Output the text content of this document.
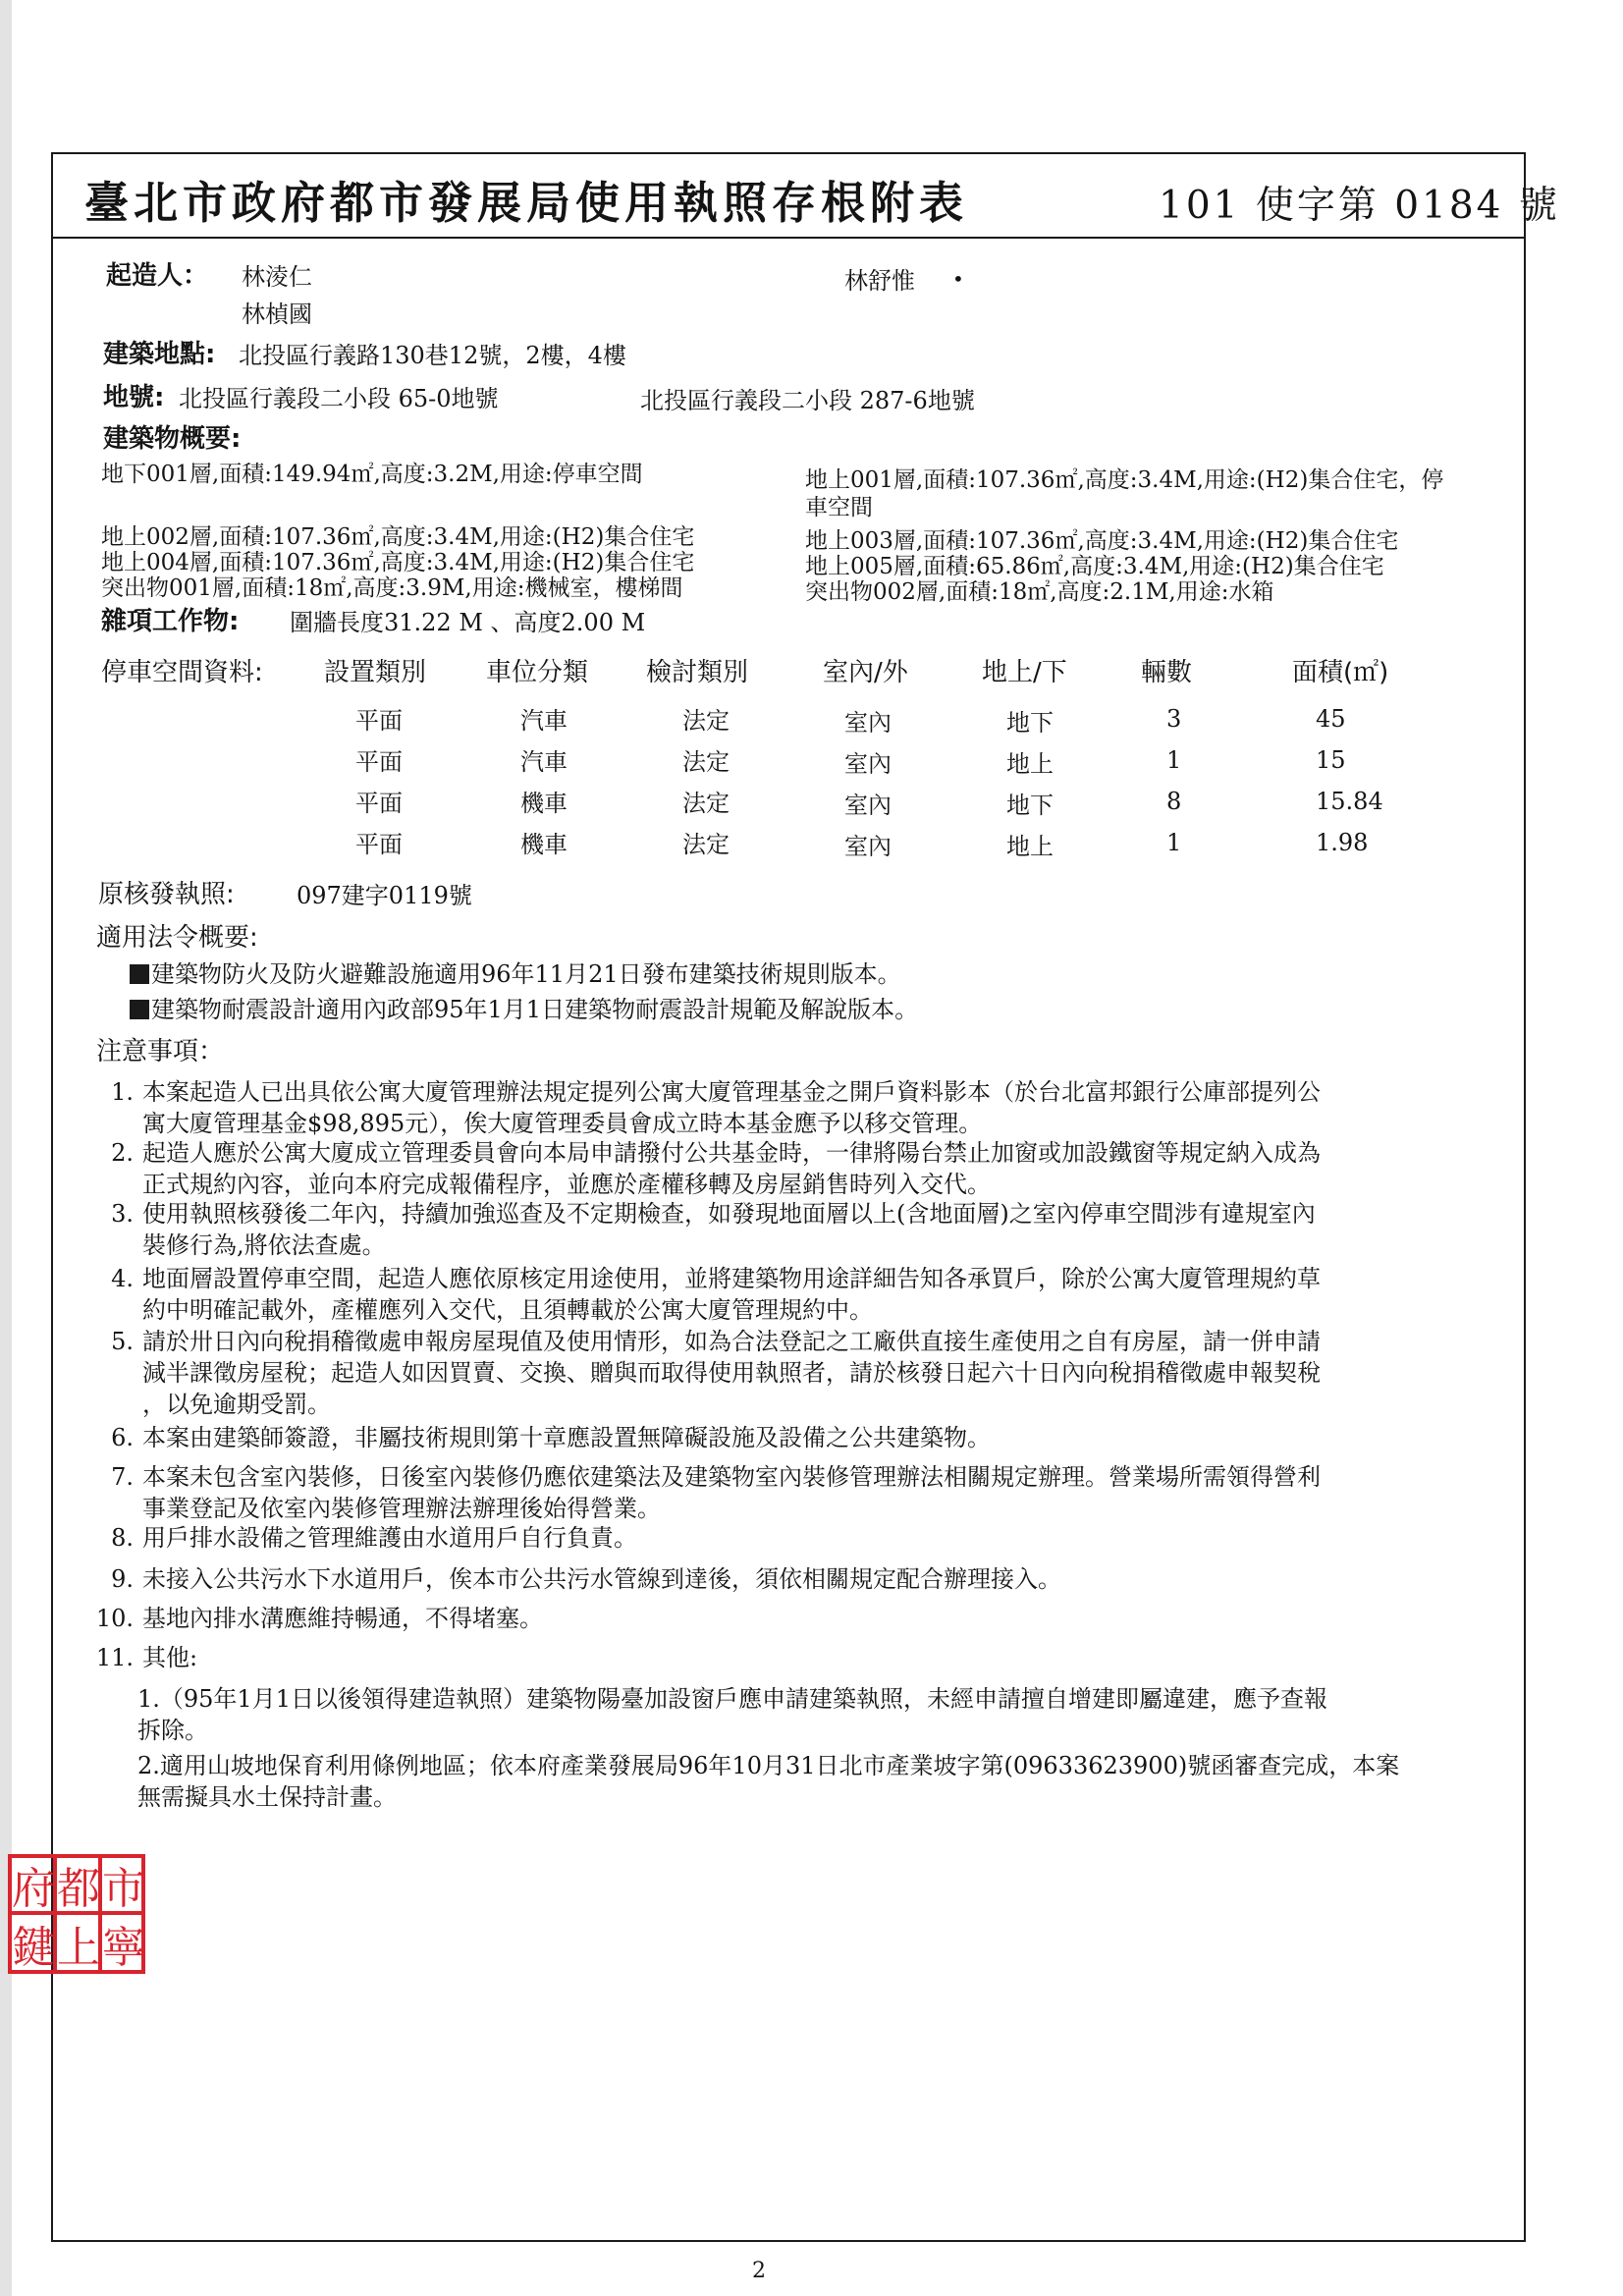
臺北市政府都市發展局使用執照存根附表	101 使字第 0184 號
起造人： 林淩仁
林楨國
林舒惟 •
建築地點: 北投區行義路130巷12號，2樓，4樓
地號: 北投區行義段二小段 65-0地號	北投區行義段二小段 287-6地號
建築物概要:
地下001層,面積:149.94㎡,高度:3.2M,用途:停車空間	地上001層,面積:107.36㎡,高度:3.4M,用途:(H2)集合住宅，停
車空間
地上002層,面積:107.36㎡,高度:3.4M,用途:(H2)集合住宅	地上003層,面積:107.36㎡,高度:3.4M,用途:(H2)集合住宅
地上004層,面積:107.36㎡,高度:3.4M,用途:(H2)集合住宅	地上005層,面積:65.86㎡,高度:3.4M,用途:(H2)集合住宅
突出物001層,面積:18㎡,高度:3.9M,用途:機械室，樓梯間	突出物002層,面積:18㎡,高度:2.1M,用途:水箱
雜項工作物: 圍牆長度31.22 M 、高度2.00 M
停車空間資料: 設置類別 車位分類 檢討類別	室內/外	地上/下	輛數	面積(㎡)
平面	汽車	法定	室內	地下	3	45
平面	汽車	法定	室內	地上	1	15
平面	機車	法定	室內	地下	8	15.84
平面	機車	法定	室內	地上	1	1.98
原核發執照:	097建字0119號
適用法令概要:
建築物防火及防火避難設施適用96年11月21日發布建築技術規則版本。
建築物耐震設計適用內政部95年1月1日建築物耐震設計規範及解說版本。
注意事項：
1. 本案起造人已出具依公寓大廈管理辦法規定提列公寓大廈管理基金之開戶資料影本（於台北富邦銀行公庫部提列公
寓大廈管理基金$98,895元），俟大廈管理委員會成立時本基金應予以移交管理。
2. 起造人應於公寓大廈成立管理委員會向本局申請撥付公共基金時，一律將陽台禁止加窗或加設鐵窗等規定納入成為
正式規約內容，並向本府完成報備程序，並應於產權移轉及房屋銷售時列入交代。
3. 使用執照核發後二年內，持續加強巡查及不定期檢查，如發現地面層以上(含地面層)之室內停車空間涉有違規室內
裝修行為,將依法查處。
4. 地面層設置停車空間，起造人應依原核定用途使用，並將建築物用途詳細告知各承買戶，除於公寓大廈管理規約草
約中明確記載外，產權應列入交代，且須轉載於公寓大廈管理規約中。
5. 請於卅日內向稅捐稽徵處申報房屋現值及使用情形，如為合法登記之工廠供直接生產使用之自有房屋，請一併申請
減半課徵房屋稅；起造人如因買賣、交換、贈與而取得使用執照者，請於核發日起六十日內向稅捐稽徵處申報契稅
，以免逾期受罰。
6. 本案由建築師簽證，非屬技術規則第十章應設置無障礙設施及設備之公共建築物。
7. 本案未包含室內裝修，日後室內裝修仍應依建築法及建築物室內裝修管理辦法相關規定辦理。營業場所需領得營利
事業登記及依室內裝修管理辦法辦理後始得營業。
8. 用戶排水設備之管理維護由水道用戶自行負責。
9. 未接入公共污水下水道用戶，俟本市公共污水管線到達後，須依相關規定配合辦理接入。
10. 基地內排水溝應維持暢通，不得堵塞。
11. 其他:
1.（95年1月1日以後領得建造執照）建築物陽臺加設窗戶應申請建築執照，未經申請擅自增建即屬違建，應予查報
拆除。
2.適用山坡地保育利用條例地區；依本府產業發展局96年10月31日北市產業坡字第(09633623900)號函審查完成，本案
無需擬具水土保持計畫。
府 都 市
鍵 上 寧
2
